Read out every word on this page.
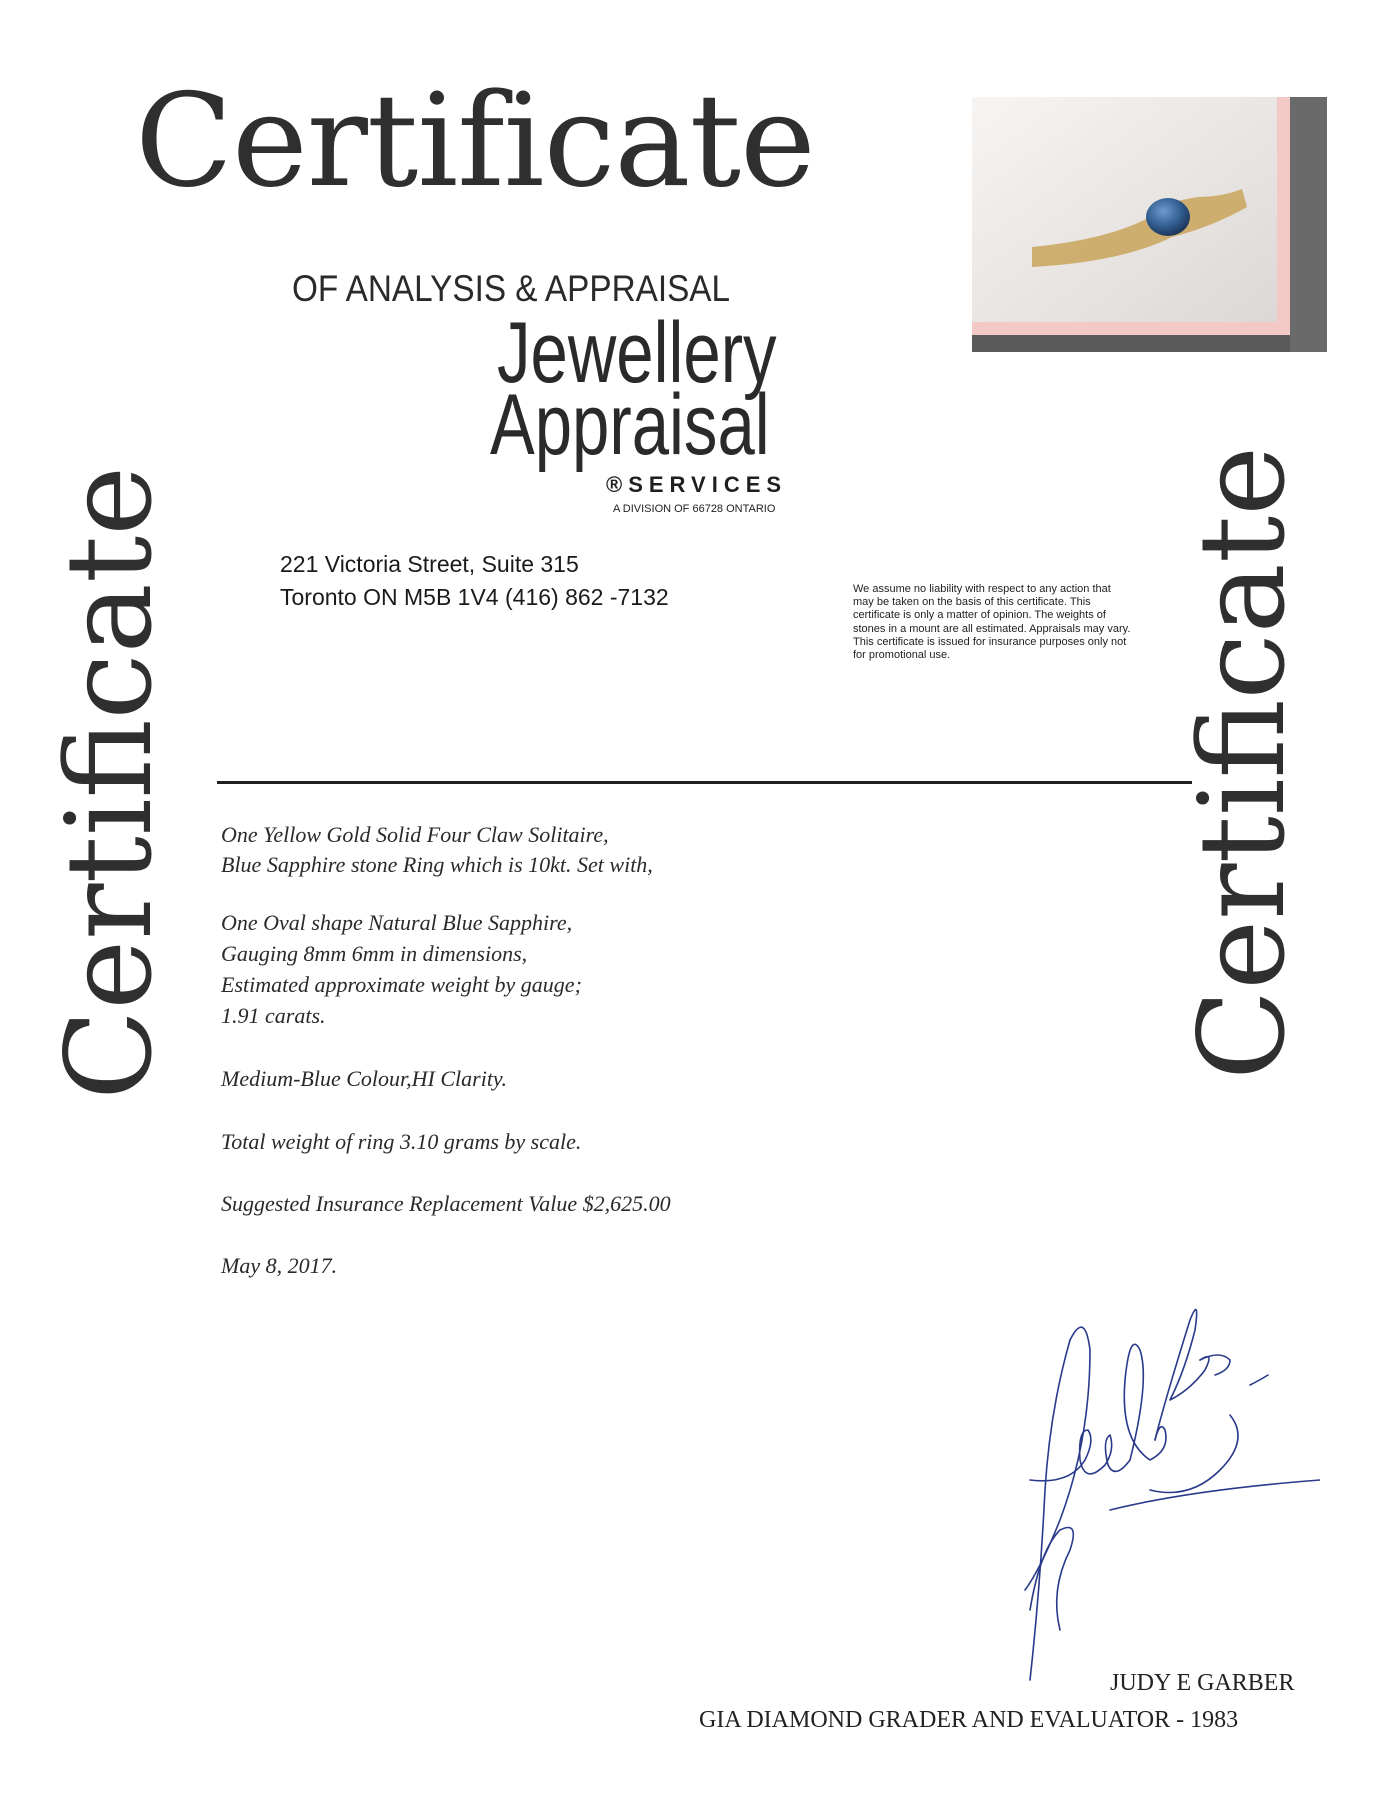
Certificate
Certificate	Certificate
OF ANALYSIS & APPRAISAL
Jewellery
Appraisal
®SERVICES
A DIVISION OF 66728 ONTARIO
221 Victoria Street, Suite 315
Toronto ON M5B 1V4 (416) 862 -7132	We assume no liability with respect to any action that may be taken on the basis of this certificate. This certificate is only a matter of opinion. The weights of stones in a mount are all estimated. Appraisals may vary. This certificate is issued for insurance purposes only not for promotional use.
One Yellow Gold Solid Four Claw Solitaire,
Blue Sapphire stone Ring which is 10kt. Set with,
One Oval shape Natural Blue Sapphire,
Gauging 8mm 6mm in dimensions,
Estimated approximate weight by gauge;
1.91 carats.
Medium-Blue Colour,HI Clarity.
Total weight of ring 3.10 grams by scale.
Suggested Insurance Replacement Value $2,625.00
May 8, 2017.
JUDY E GARBER
GIA DIAMOND GRADER AND EVALUATOR - 1983
